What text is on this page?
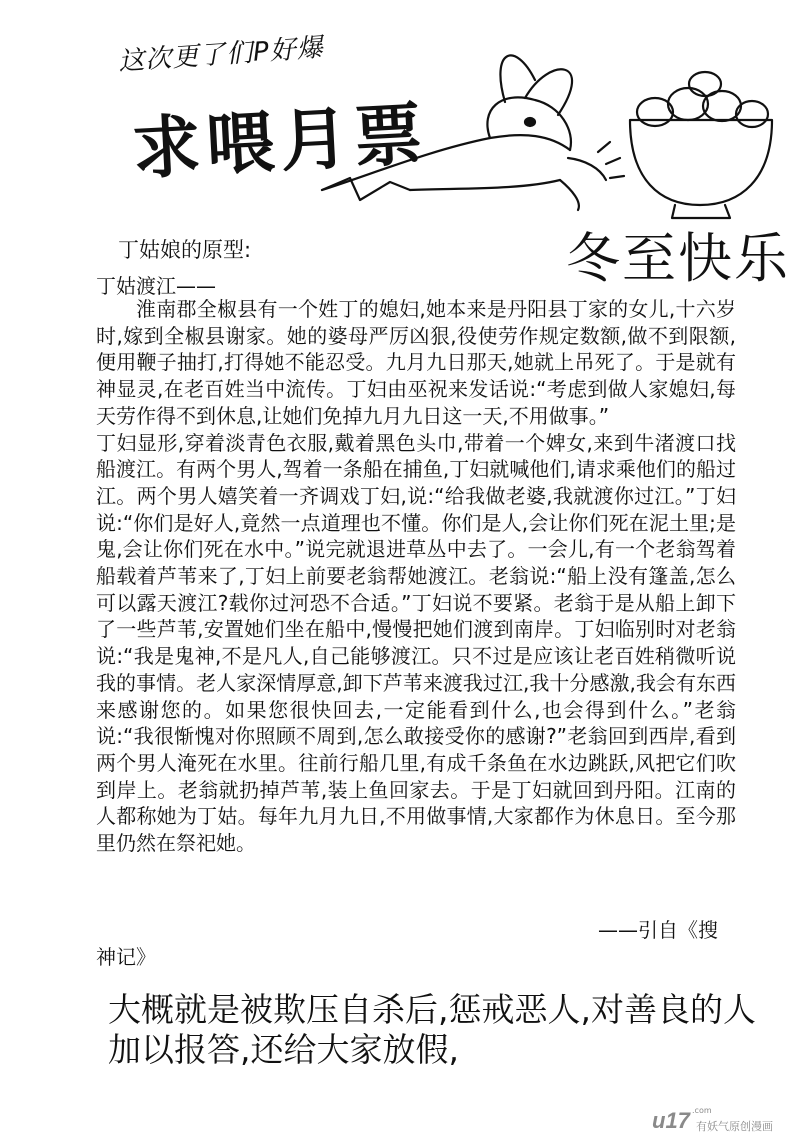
这次更了们P好爆
求喂月票
冬至快乐
丁姑娘的原型:
丁姑渡江——

淮南郡全椒县有一个姓丁的媳妇,她本来是丹阳县丁家的女儿,十六岁时,嫁到全椒县谢家。她的婆母严厉凶狠,役使劳作规定数额,做不到限额,便用鞭子抽打,打得她不能忍受。九月九日那天,她就上吊死了。于是就有神显灵,在老百姓当中流传。丁妇由巫祝来发话说:“考虑到做人家媳妇,每天劳作得不到休息,让她们免掉九月九日这一天,不用做事。”

丁妇显形,穿着淡青色衣服,戴着黑色头巾,带着一个婢女,来到牛渚渡口找船渡江。有两个男人,驾着一条船在捕鱼,丁妇就喊他们,请求乘他们的船过江。两个男人嬉笑着一齐调戏丁妇,说:“给我做老婆,我就渡你过江。”丁妇说:“你们是好人,竟然一点道理也不懂。你们是人,会让你们死在泥土里;是鬼,会让你们死在水中。”说完就退进草丛中去了。一会儿,有一个老翁驾着船载着芦苇来了,丁妇上前要老翁帮她渡江。老翁说:“船上没有篷盖,怎么可以露天渡江?载你过河恐不合适。”丁妇说不要紧。老翁于是从船上卸下了一些芦苇,安置她们坐在船中,慢慢把她们渡到南岸。丁妇临别时对老翁说:“我是鬼神,不是凡人,自己能够渡江。只不过是应该让老百姓稍微听说我的事情。老人家深情厚意,卸下芦苇来渡我过江,我十分感激,我会有东西来感谢您的。如果您很快回去,一定能看到什么,也会得到什么。”老翁说:“我很惭愧对你照顾不周到,怎么敢接受你的感谢?”老翁回到西岸,看到两个男人淹死在水里。往前行船几里,有成千条鱼在水边跳跃,风把它们吹到岸上。老翁就扔掉芦苇,装上鱼回家去。于是丁妇就回到丹阳。江南的人都称她为丁姑。每年九月九日,不用做事情,大家都作为休息日。至今那里仍然在祭祀她。

——引自《搜
神记》
大概就是被欺压自杀后,惩戒恶人,对善良的人加以报答,还给大家放假,
u17 .com
有妖气原创漫画
